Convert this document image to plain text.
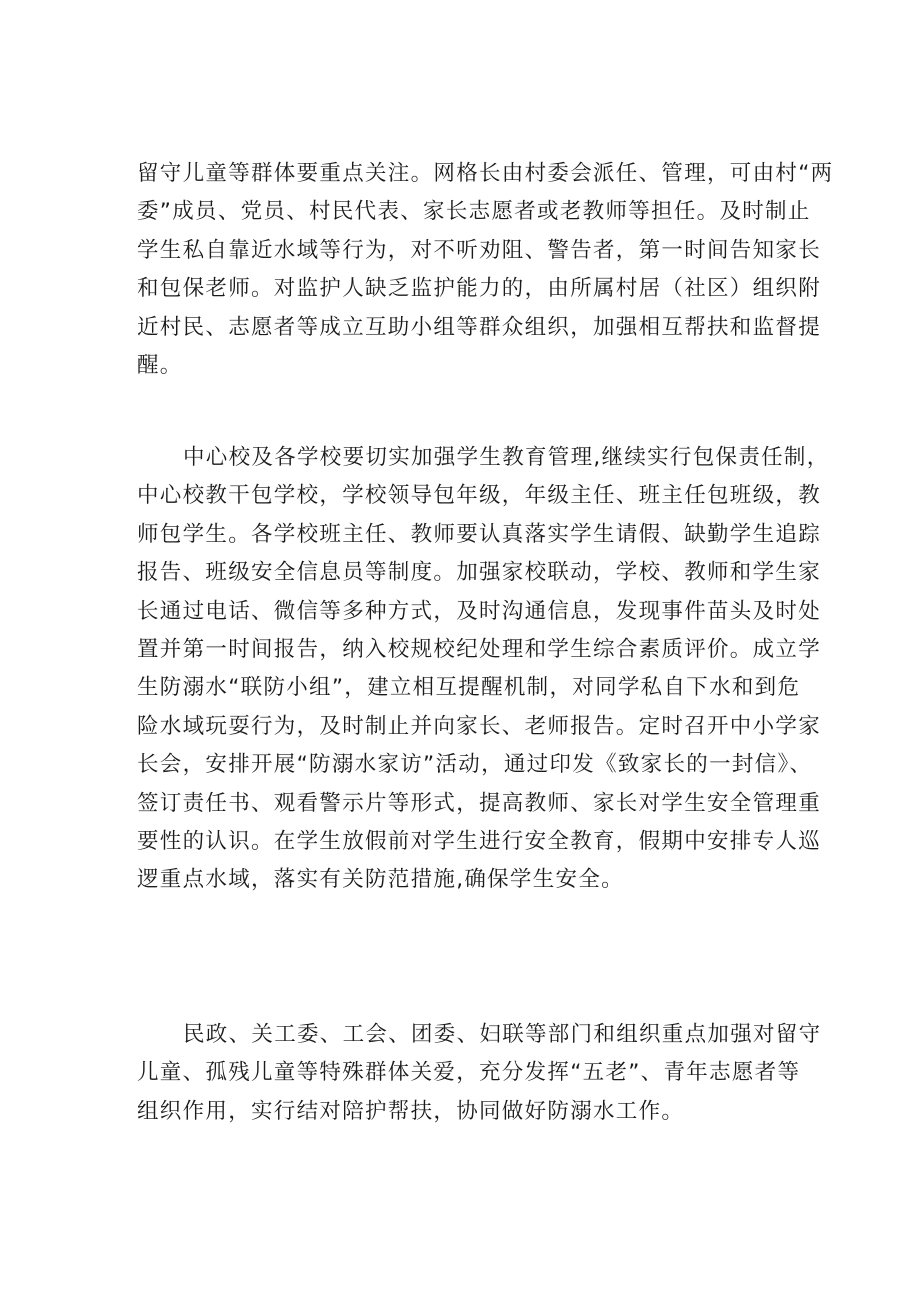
留守儿童等群体要重点关注。网格长由村委会派任、管理，可由村“两
委”成员、党员、村民代表、家长志愿者或老教师等担任。及时制止
学生私自靠近水域等行为，对不听劝阻、警告者，第一时间告知家长
和包保老师。对监护人缺乏监护能力的，由所属村居（社区）组织附
近村民、志愿者等成立互助小组等群众组织，加强相互帮扶和监督提
醒。

中心校及各学校要切实加强学生教育管理,继续实行包保责任制，
中心校教干包学校，学校领导包年级，年级主任、班主任包班级，教
师包学生。各学校班主任、教师要认真落实学生请假、缺勤学生追踪
报告、班级安全信息员等制度。加强家校联动，学校、教师和学生家
长通过电话、微信等多种方式，及时沟通信息，发现事件苗头及时处
置并第一时间报告，纳入校规校纪处理和学生综合素质评价。成立学
生防溺水“联防小组”，建立相互提醒机制，对同学私自下水和到危
险水域玩耍行为，及时制止并向家长、老师报告。定时召开中小学家
长会，安排开展“防溺水家访”活动，通过印发《致家长的一封信》、
签订责任书、观看警示片等形式，提高教师、家长对学生安全管理重
要性的认识。在学生放假前对学生进行安全教育，假期中安排专人巡
逻重点水域，落实有关防范措施,确保学生安全。

民政、关工委、工会、团委、妇联等部门和组织重点加强对留守
儿童、孤残儿童等特殊群体关爱，充分发挥“五老”、青年志愿者等
组织作用，实行结对陪护帮扶，协同做好防溺水工作。
